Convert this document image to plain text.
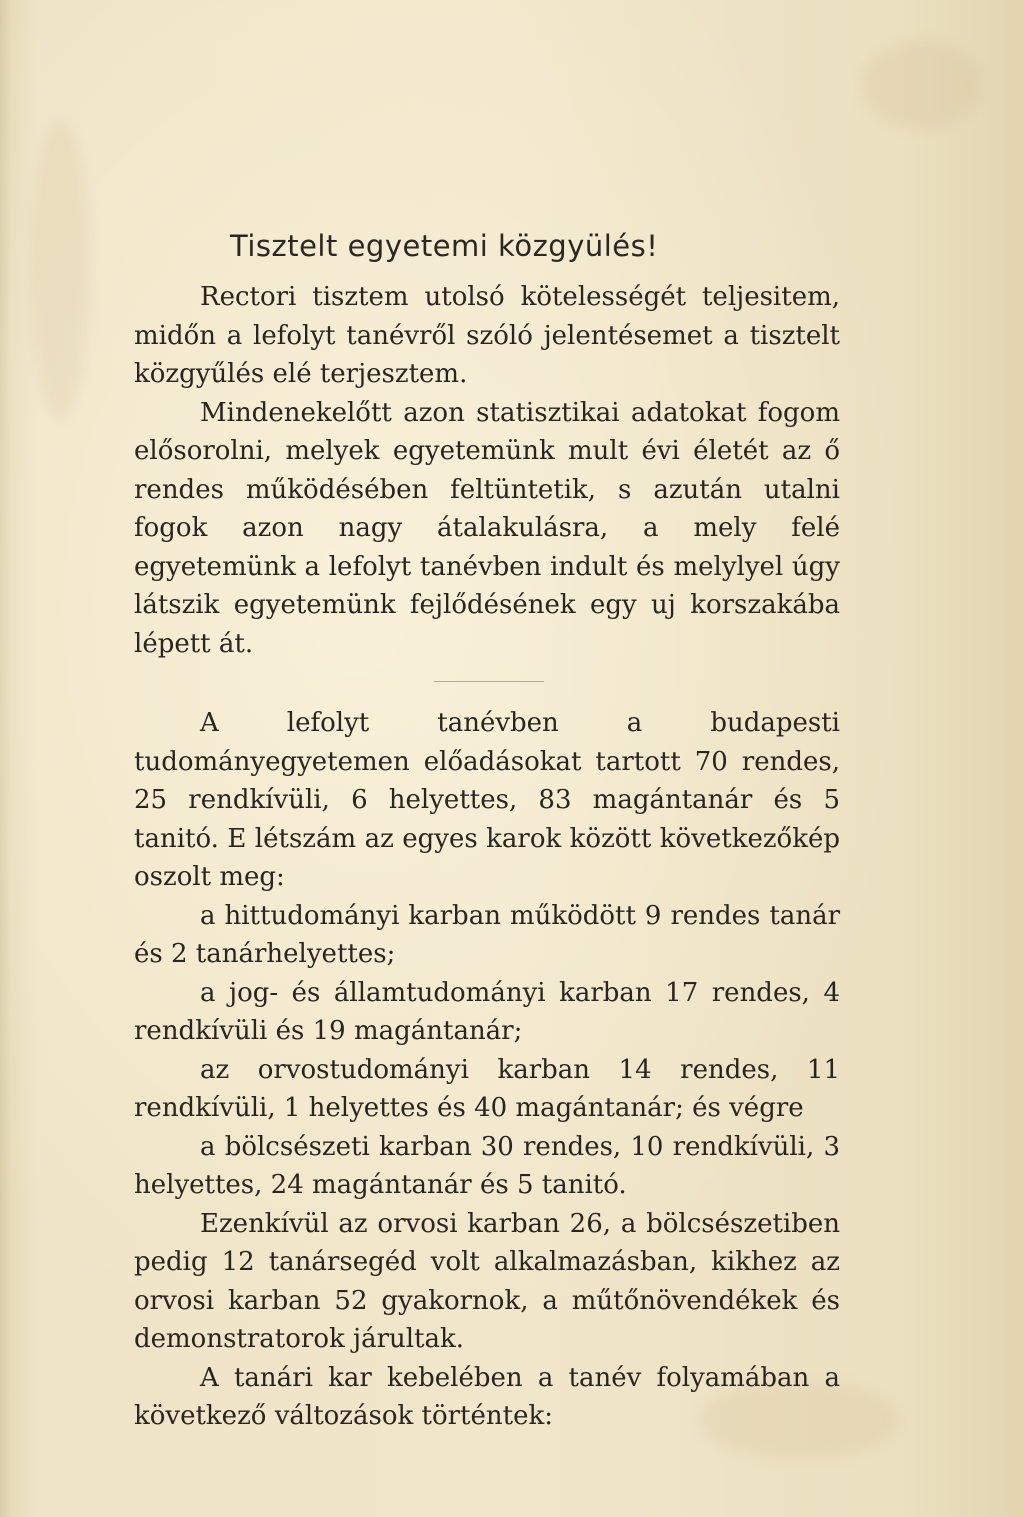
Tisztelt egyetemi közgyülés!

Rectori tisztem utolsó kötelességét teljesitem, midőn a lefolyt tanévről szóló jelentésemet a tisztelt közgyűlés elé terjesztem.

Mindenekelőtt azon statisztikai adatokat fogom elősorolni, melyek egyetemünk mult évi életét az ő rendes működésében feltüntetik, s azután utalni fogok azon nagy átalakulásra, a mely felé egyetemünk a lefolyt tanévben indult és melylyel úgy látszik egyetemünk fejlődésének egy uj korszakába lépett át.

A lefolyt tanévben a budapesti tudományegyetemen előadásokat tartott 70 rendes, 25 rendkívüli, 6 helyettes, 83 magántanár és 5 tanitó. E létszám az egyes karok között következőkép oszolt meg:

a hittudományi karban működött 9 rendes tanár és 2 tanárhelyettes;

a jog- és államtudományi karban 17 rendes, 4 rendkívüli és 19 magántanár;

az orvostudományi karban 14 rendes, 11 rendkívüli, 1 helyettes és 40 magántanár; és végre

a bölcsészeti karban 30 rendes, 10 rendkívüli, 3 helyettes, 24 magántanár és 5 tanitó.

Ezenkívül az orvosi karban 26, a bölcsészetiben pedig 12 tanársegéd volt alkalmazásban, kikhez az orvosi karban 52 gyakornok, a műtőnövendékek és demonstratorok járultak.

A tanári kar kebelében a tanév folyamában a következő változások történtek:
